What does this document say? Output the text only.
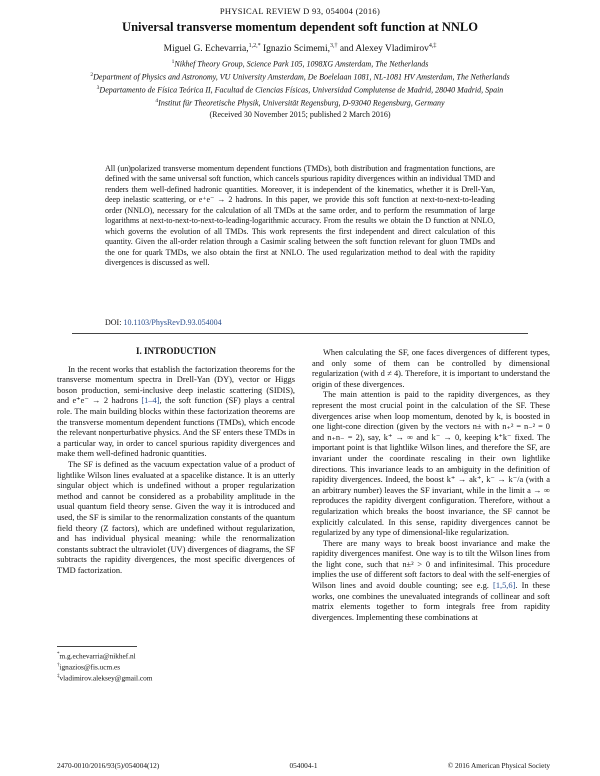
PHYSICAL REVIEW D 93, 054004 (2016)
Universal transverse momentum dependent soft function at NNLO
Miguel G. Echevarria,$^{1,2,*}$ Ignazio Scimemi,$^{3,\dagger}$ and Alexey Vladimirov$^{4,\ddagger}$
$^1$Nikhef Theory Group, Science Park 105, 1098XG Amsterdam, The Netherlands
$^2$Department of Physics and Astronomy, VU University Amsterdam, De Boelelaan 1081, NL-1081 HV Amsterdam, The Netherlands
$^3$Departamento de Física Teórica II, Facultad de Ciencias Físicas, Universidad Complutense de Madrid, 28040 Madrid, Spain
$^4$Institut für Theoretische Physik, Universität Regensburg, D-93040 Regensburg, Germany
(Received 30 November 2015; published 2 March 2016)
All (un)polarized transverse momentum dependent functions (TMDs), both distribution and fragmentation functions, are defined with the same universal soft function, which cancels spurious rapidity divergences within an individual TMD and renders them well-defined hadronic quantities. Moreover, it is independent of the kinematics, whether it is Drell-Yan, deep inelastic scattering, or e⁺e⁻ → 2 hadrons. In this paper, we provide this soft function at next-to-next-to-leading order (NNLO), necessary for the calculation of all TMDs at the same order, and to perform the resummation of large logarithms at next-to-next-to-next-to-leading-logarithmic accuracy. From the results we obtain the D function at NNLO, which governs the evolution of all TMDs. This work represents the first independent and direct calculation of this quantity. Given the all-order relation through a Casimir scaling between the soft function relevant for gluon TMDs and the one for quark TMDs, we also obtain the first at NNLO. The used regularization method to deal with the rapidity divergences is discussed as well.
DOI: 10.1103/PhysRevD.93.054004

I. INTRODUCTION

In the recent works that establish the factorization theorems for the transverse momentum spectra in Drell-Yan (DY), vector or Higgs boson production, semi-inclusive deep inelastic scattering (SIDIS), and e⁺e⁻ → 2 hadrons [1–4], the soft function (SF) plays a central role. The main building blocks within these factorization theorems are the transverse momentum dependent functions (TMDs), which encode the relevant nonperturbative physics. And the SF enters these TMDs in a particular way, in order to cancel spurious rapidity divergences and make them well-defined hadronic quantities.

The SF is defined as the vacuum expectation value of a product of lightlike Wilson lines evaluated at a spacelike distance. It is an utterly singular object which is undefined without a proper regularization method and cannot be considered as a probability amplitude in the usual quantum field theory sense. Given the way it is introduced and used, the SF is similar to the renormalization constants of the quantum field theory (Z factors), which are undefined without regularization, and has individual physical meaning: while the renormalization constants subtract the ultraviolet (UV) divergences of diagrams, the SF subtracts the rapidity divergences, the most specific divergences of TMD factorization.

When calculating the SF, one faces divergences of different types, and only some of them can be controlled by dimensional regularization (with d ≠ 4). Therefore, it is important to understand the origin of these divergences.

The main attention is paid to the rapidity divergences, as they represent the most crucial point in the calculation of the SF. These divergences arise when loop momentum, denoted by k, is boosted in one light-cone direction (given by the vectors n± with n₊² = n₋² = 0 and n₊n₋ = 2), say, k⁺ → ∞ and k⁻ → 0, keeping k⁺k⁻ fixed. The important point is that lightlike Wilson lines, and therefore the SF, are invariant under the coordinate rescaling in their own lightlike directions. This invariance leads to an ambiguity in the definition of rapidity divergences. Indeed, the boost k⁺ → ak⁺, k⁻ → k⁻/a (with a an arbitrary number) leaves the SF invariant, while in the limit a → ∞ reproduces the rapidity divergent configuration. Therefore, without a regularization which breaks the boost invariance, the SF cannot be explicitly calculated. In this sense, rapidity divergences cannot be regularized by any type of dimensional-like regularization.

There are many ways to break boost invariance and make the rapidity divergences manifest. One way is to tilt the Wilson lines from the light cone, such that n±² > 0 and infinitesimal. This procedure implies the use of different soft factors to deal with the self-energies of Wilson lines and avoid double counting; see e.g. [1,5,6]. In these works, one combines the unevaluated integrands of collinear and soft matrix elements together to form integrals free from rapidity divergences. Implementing these combinations at

*m.g.echevarria@nikhef.nl
†ignazios@fis.ucm.es
‡vladimirov.aleksey@gmail.com
2470-0010/2016/93(5)/054004(12)	054004-1	© 2016 American Physical Society
